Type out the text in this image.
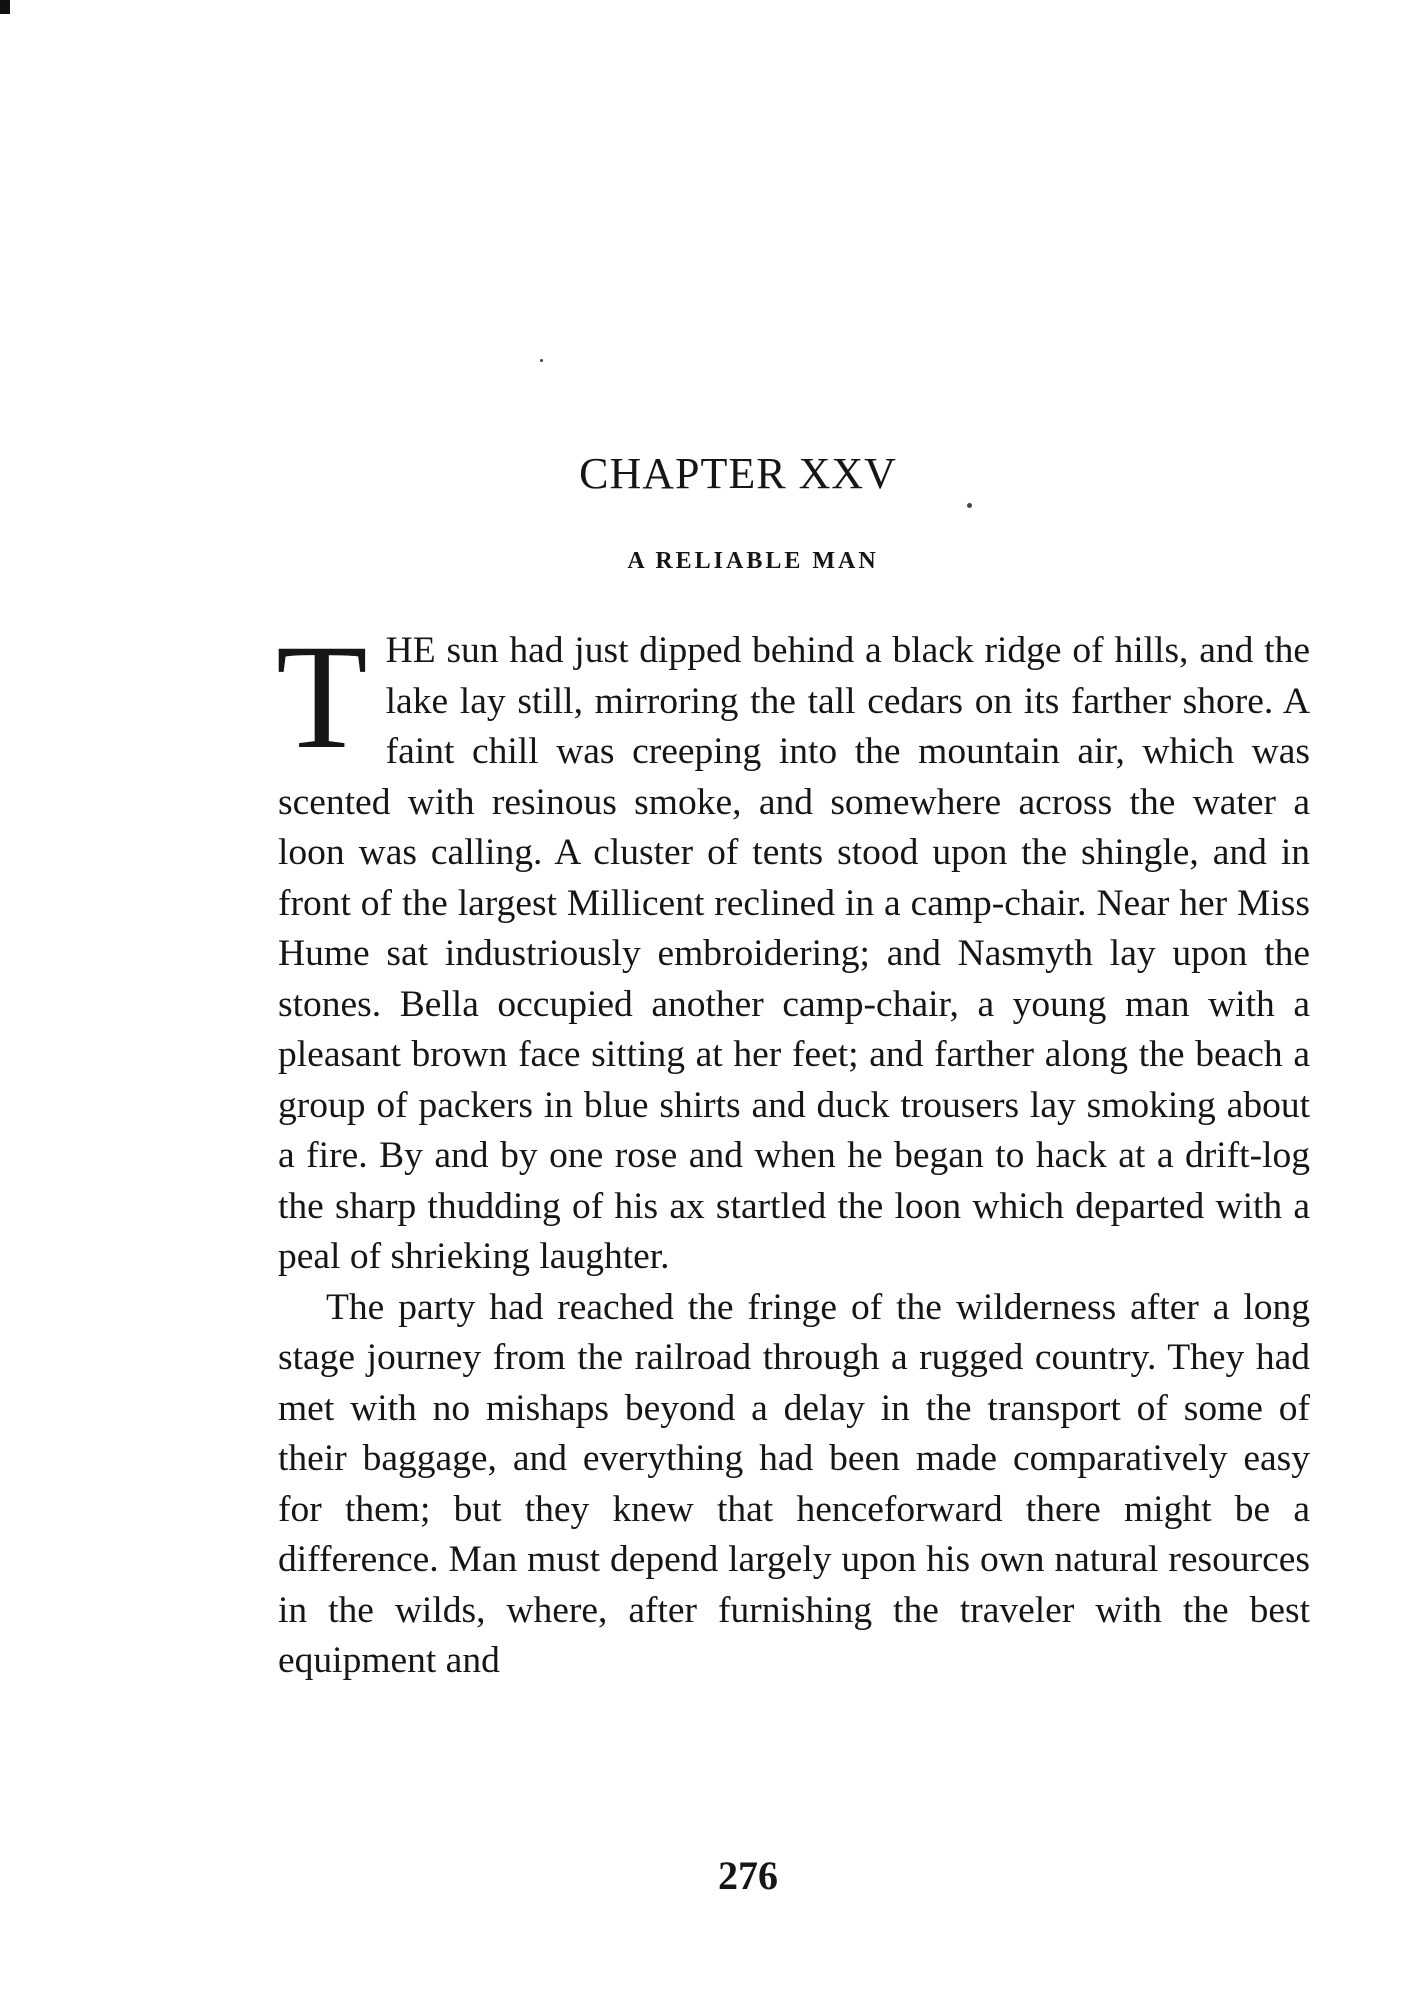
CHAPTER XXV
A RELIABLE MAN

THE sun had just dipped behind a black ridge of hills, and the lake lay still, mirroring the tall cedars on its farther shore. A faint chill was creeping into the mountain air, which was scented with resinous smoke, and somewhere across the water a loon was calling. A cluster of tents stood upon the shingle, and in front of the largest Millicent reclined in a camp-chair. Near her Miss Hume sat industriously embroidering; and Nasmyth lay upon the stones. Bella occupied another camp-chair, a young man with a pleasant brown face sitting at her feet; and farther along the beach a group of packers in blue shirts and duck trousers lay smoking about a fire. By and by one rose and when he began to hack at a drift-log the sharp thudding of his ax startled the loon which departed with a peal of shrieking laughter.

The party had reached the fringe of the wilderness after a long stage journey from the railroad through a rugged country. They had met with no mishaps beyond a delay in the transport of some of their baggage, and everything had been made comparatively easy for them; but they knew that henceforward there might be a difference. Man must depend largely upon his own natural resources in the wilds, where, after furnishing the traveler with the best equipment and

276
